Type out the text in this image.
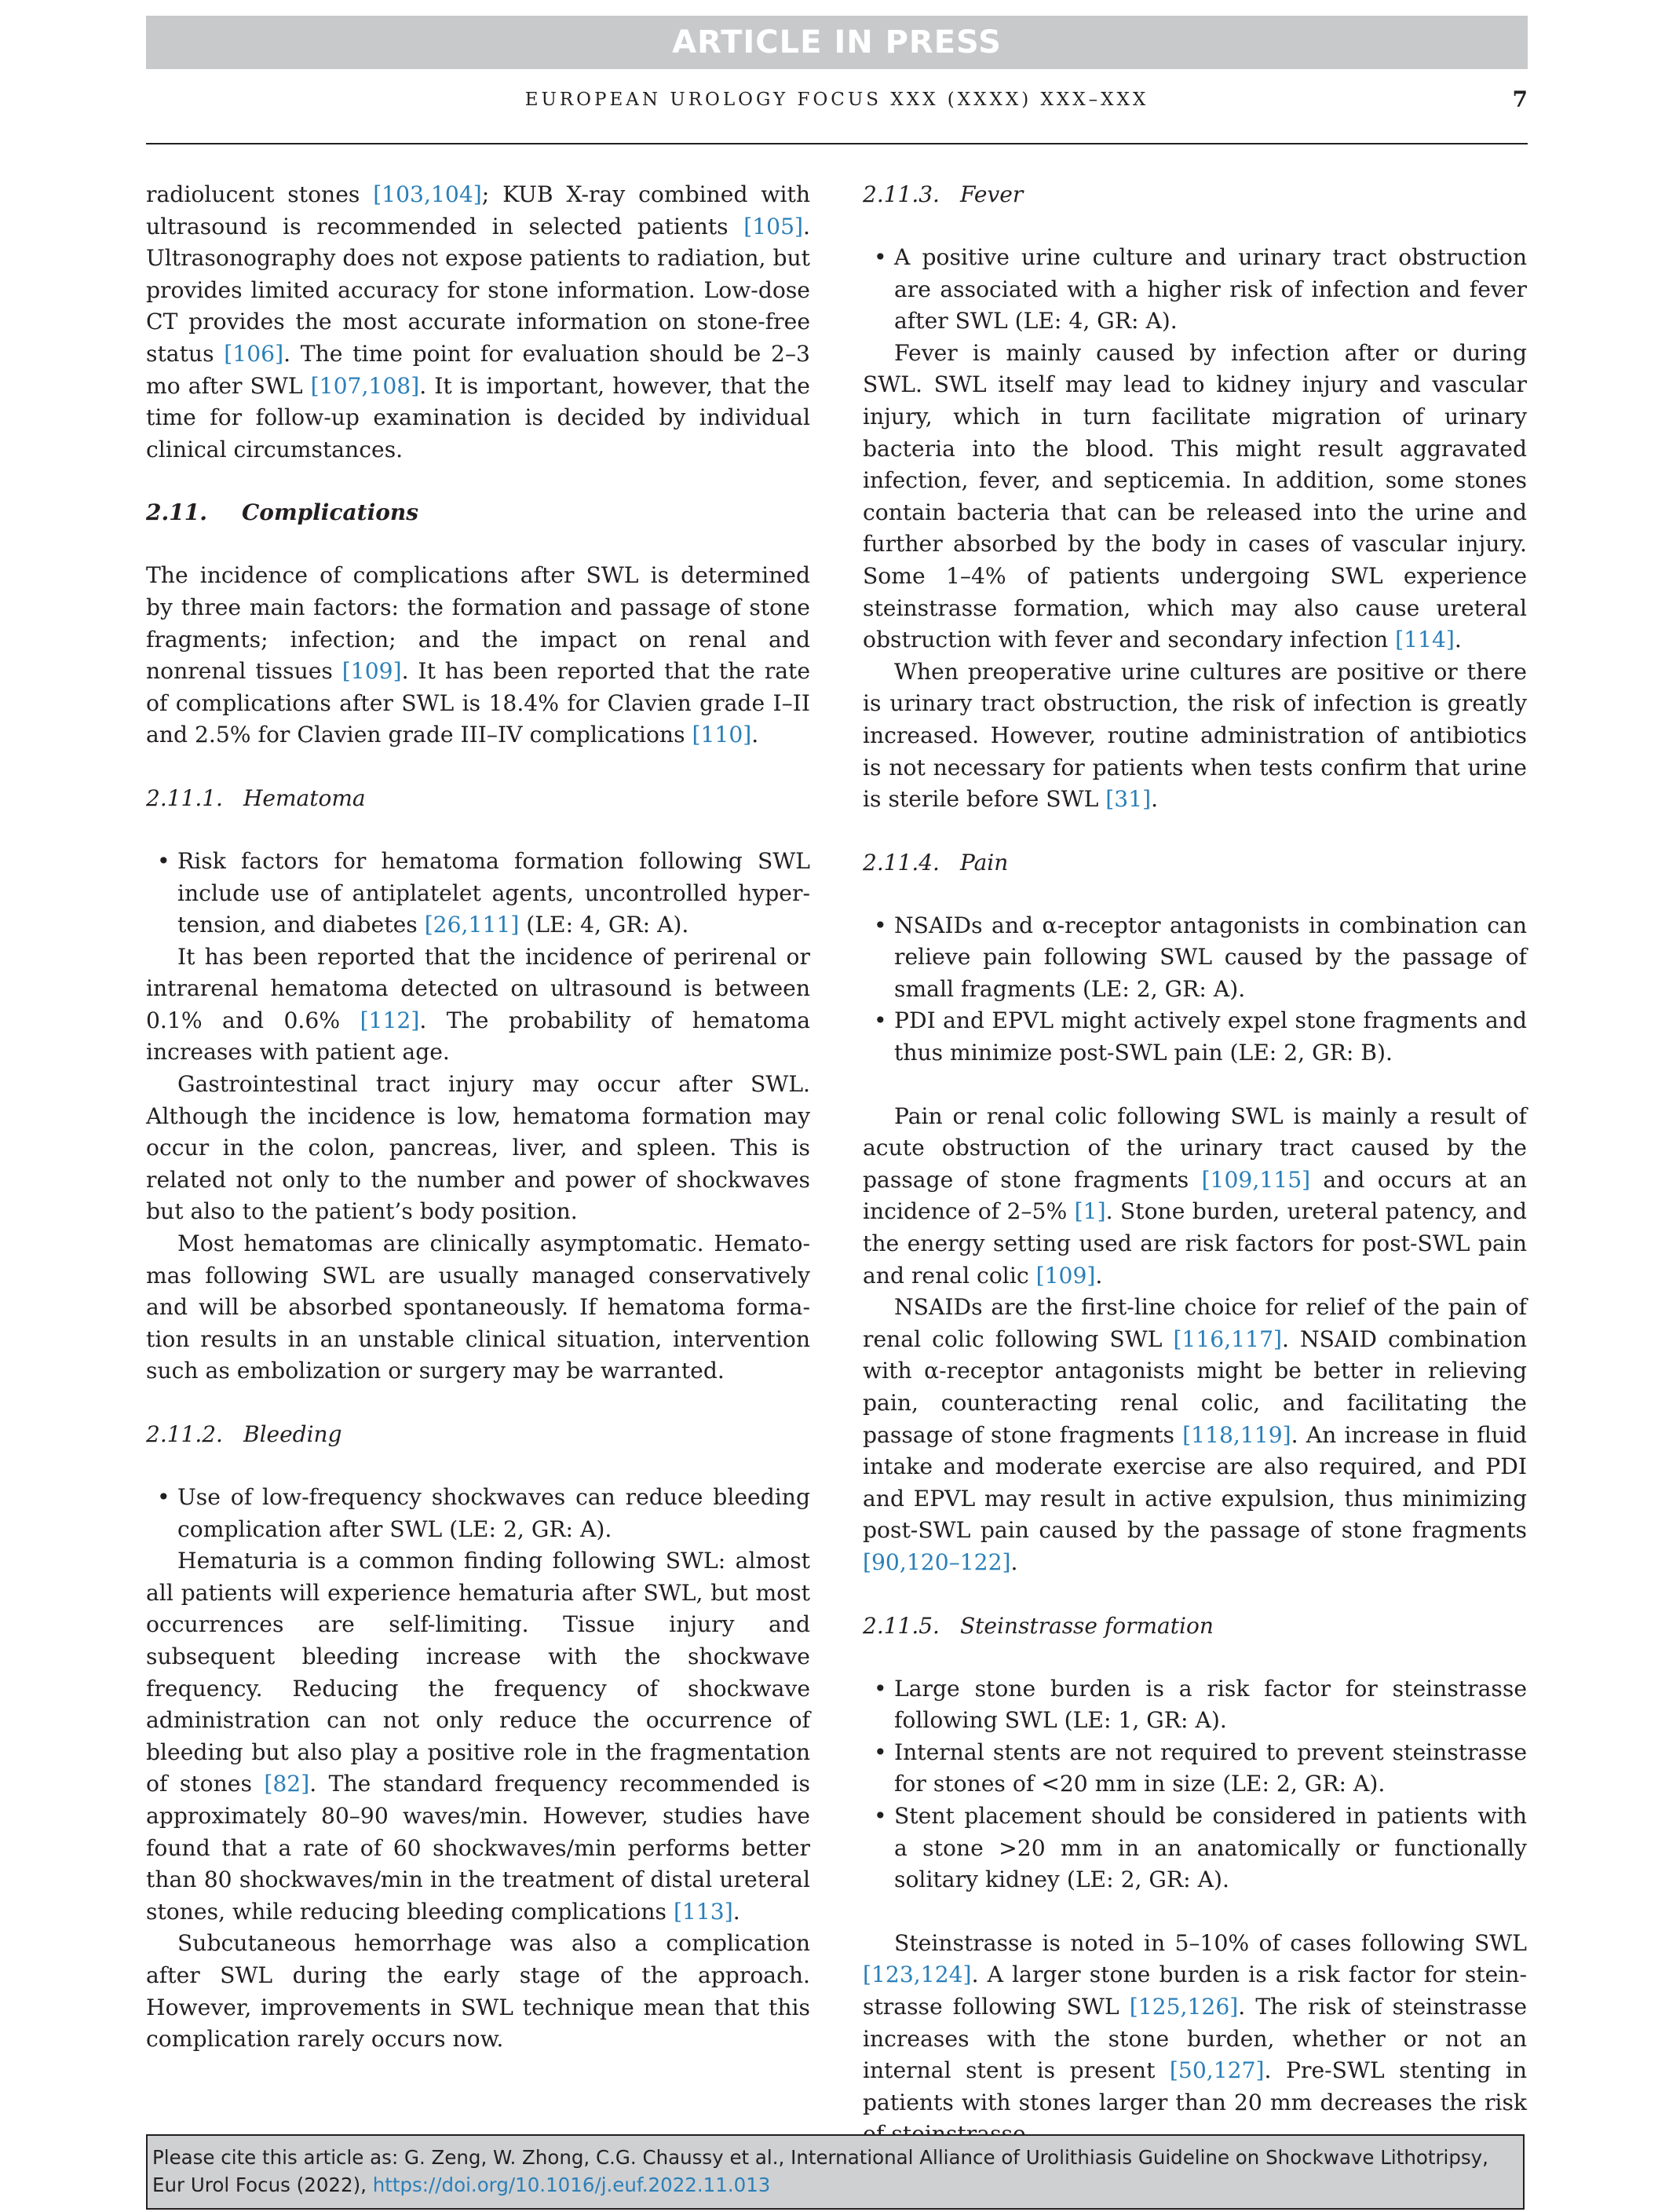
ARTICLE IN PRESS
EUROPEAN UROLOGY FOCUS XXX (XXXX) XXX–XXX	7

radiolucent stones [103,104]; KUB X-ray combined with ultrasound is recommended in selected patients [105]. Ultrasonography does not expose patients to radiation, but provides limited accuracy for stone information. Low-dose CT provides the most accurate information on stone-free status [106]. The time point for evaluation should be 2–3 mo after SWL [107,108]. It is important, however, that the time for follow-up examination is decided by individual clinical circumstances.

2.11. Complications

The incidence of complications after SWL is determined by three main factors: the formation and passage of stone fragments; infection; and the impact on renal and nonrenal tissues [109]. It has been reported that the rate of complications after SWL is 18.4% for Clavien grade I–II and 2.5% for Clavien grade III–IV complications [110].

2.11.1. Hematoma
• Risk factors for hematoma formation following SWL include use of antiplatelet agents, uncontrolled hypertension, and diabetes [26,111] (LE: 4, GR: A).

It has been reported that the incidence of perirenal or intrarenal hematoma detected on ultrasound is between 0.1% and 0.6% [112]. The probability of hematoma increases with patient age.

Gastrointestinal tract injury may occur after SWL. Although the incidence is low, hematoma formation may occur in the colon, pancreas, liver, and spleen. This is related not only to the number and power of shockwaves but also to the patient’s body position.

Most hematomas are clinically asymptomatic. Hematomas following SWL are usually managed conservatively and will be absorbed spontaneously. If hematoma formation results in an unstable clinical situation, intervention such as embolization or surgery may be warranted.

2.11.2. Bleeding
• Use of low-frequency shockwaves can reduce bleeding complication after SWL (LE: 2, GR: A).

Hematuria is a common finding following SWL: almost all patients will experience hematuria after SWL, but most occurrences are self-limiting. Tissue injury and subsequent bleeding increase with the shockwave frequency. Reducing the frequency of shockwave administration can not only reduce the occurrence of bleeding but also play a positive role in the fragmentation of stones [82]. The standard frequency recommended is approximately 80–90 waves/min. However, studies have found that a rate of 60 shockwaves/min performs better than 80 shockwaves/min in the treatment of distal ureteral stones, while reducing bleeding complications [113].

Subcutaneous hemorrhage was also a complication after SWL during the early stage of the approach. However, improvements in SWL technique mean that this complication rarely occurs now.

2.11.3. Fever
• A positive urine culture and urinary tract obstruction are associated with a higher risk of infection and fever after SWL (LE: 4, GR: A).

Fever is mainly caused by infection after or during SWL. SWL itself may lead to kidney injury and vascular injury, which in turn facilitate migration of urinary bacteria into the blood. This might result aggravated infection, fever, and septicemia. In addition, some stones contain bacteria that can be released into the urine and further absorbed by the body in cases of vascular injury. Some 1–4% of patients undergoing SWL experience steinstrasse formation, which may also cause ureteral obstruction with fever and secondary infection [114].

When preoperative urine cultures are positive or there is urinary tract obstruction, the risk of infection is greatly increased. However, routine administration of antibiotics is not necessary for patients when tests confirm that urine is sterile before SWL [31].

2.11.4. Pain
• NSAIDs and α-receptor antagonists in combination can relieve pain following SWL caused by the passage of small fragments (LE: 2, GR: A).
• PDI and EPVL might actively expel stone fragments and thus minimize post-SWL pain (LE: 2, GR: B).

Pain or renal colic following SWL is mainly a result of acute obstruction of the urinary tract caused by the passage of stone fragments [109,115] and occurs at an incidence of 2–5% [1]. Stone burden, ureteral patency, and the energy setting used are risk factors for post-SWL pain and renal colic [109].

NSAIDs are the first-line choice for relief of the pain of renal colic following SWL [116,117]. NSAID combination with α-receptor antagonists might be better in relieving pain, counteracting renal colic, and facilitating the passage of stone fragments [118,119]. An increase in fluid intake and moderate exercise are also required, and PDI and EPVL may result in active expulsion, thus minimizing post-SWL pain caused by the passage of stone fragments [90,120–122].

2.11.5. Steinstrasse formation
• Large stone burden is a risk factor for steinstrasse following SWL (LE: 1, GR: A).
• Internal stents are not required to prevent steinstrasse for stones of <20 mm in size (LE: 2, GR: A).
• Stent placement should be considered in patients with a stone >20 mm in an anatomically or functionally solitary kidney (LE: 2, GR: A).

Steinstrasse is noted in 5–10% of cases following SWL [123,124]. A larger stone burden is a risk factor for steinstrasse following SWL [125,126]. The risk of steinstrasse increases with the stone burden, whether or not an internal stent is present [50,127]. Pre-SWL stenting in patients with stones larger than 20 mm decreases the risk

Please cite this article as: G. Zeng, W. Zhong, C.G. Chaussy et al., International Alliance of Urolithiasis Guideline on Shockwave Lithotripsy, Eur Urol Focus (2022), https://doi.org/10.1016/j.euf.2022.11.013
